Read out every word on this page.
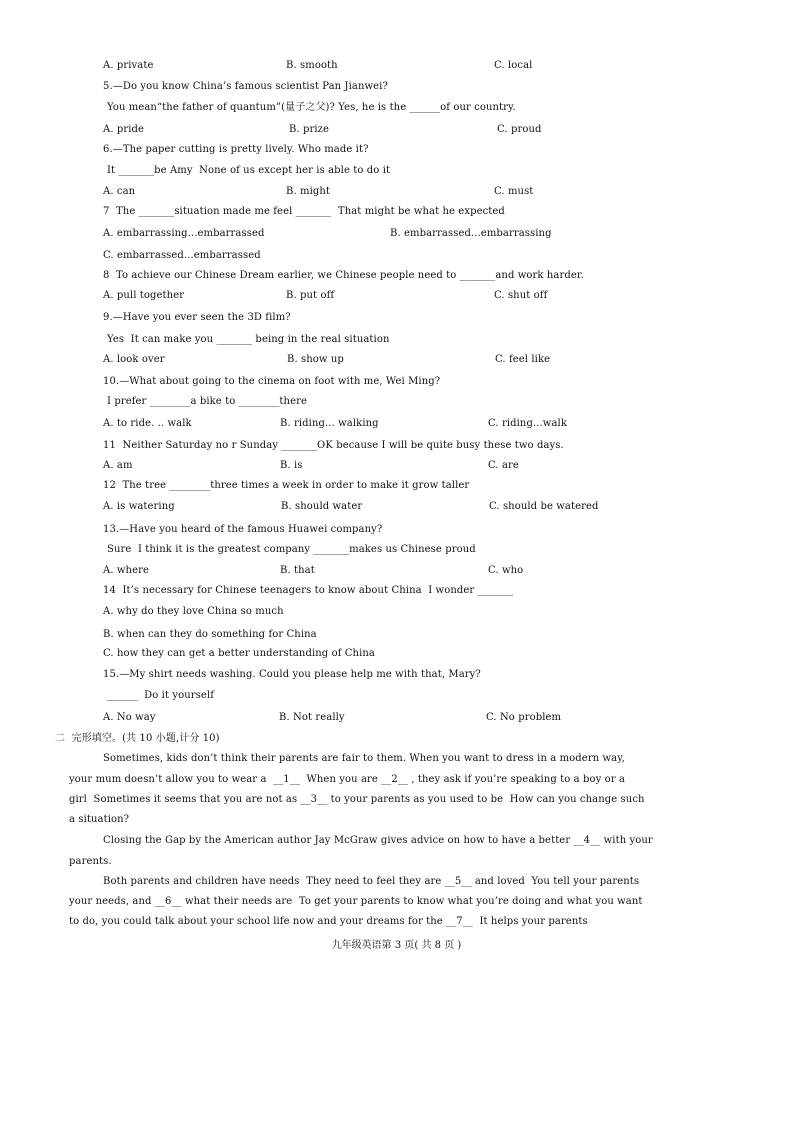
A. private	B. smooth	C. local
5.—Do you know China’s famous scientist Pan Jianwei?
You mean“the father of quantum”(量子之父)? Yes, he is the ______of our country.
A. pride	B. prize	C. proud
6.—The paper cutting is pretty lively. Who made it?
It _______be Amy  None of us except her is able to do it
A. can	B. might	C. must
7  The _______situation made me feel _______  That might be what he expected
A. embarrassing...embarrassed	B. embarrassed...embarrassing
C. embarrassed...embarrassed
8  To achieve our Chinese Dream earlier, we Chinese people need to _______and work harder.
A. pull together	B. put off	C. shut off
9.—Have you ever seen the 3D film?
Yes  It can make you _______ being in the real situation
A. look over	B. show up	C. feel like
10.—What about going to the cinema on foot with me, Wei Ming?
I prefer ________a bike to ________there
A. to ride. .. walk	B. riding... walking	C. riding...walk
11  Neither Saturday no r Sunday _______OK because I will be quite busy these two days.
A. am	B. is	C. are
12  The tree ________three times a week in order to make it grow taller
A. is watering	B. should water	C. should be watered
13.—Have you heard of the famous Huawei company?
Sure  I think it is the greatest company _______makes us Chinese proud
A. where	B. that	C. who
14  It’s necessary for Chinese teenagers to know about China  I wonder _______
A. why do they love China so much
B. when can they do something for China
C. how they can get a better understanding of China
15.—My shirt needs washing. Could you please help me with that, Mary?
______  Do it yourself
A. No way	B. Not really	C. No problem
二  完形填空。(共 10 小题,计分 10)
Sometimes, kids don’t think their parents are fair to them. When you want to dress in a modern way,
your mum doesn’t allow you to wear a  __1__  When you are __2__ , they ask if you’re speaking to a boy or a
girl  Sometimes it seems that you are not as __3__ to your parents as you used to be  How can you change such
a situation?
Closing the Gap by the American author Jay McGraw gives advice on how to have a better __4__ with your
parents.
Both parents and children have needs  They need to feel they are __5__ and loved  You tell your parents
your needs, and __6__ what their needs are  To get your parents to know what you’re doing and what you want
to do, you could talk about your school life now and your dreams for the __7__  It helps your parents
九年级英语第 3 页( 共 8 页 )
